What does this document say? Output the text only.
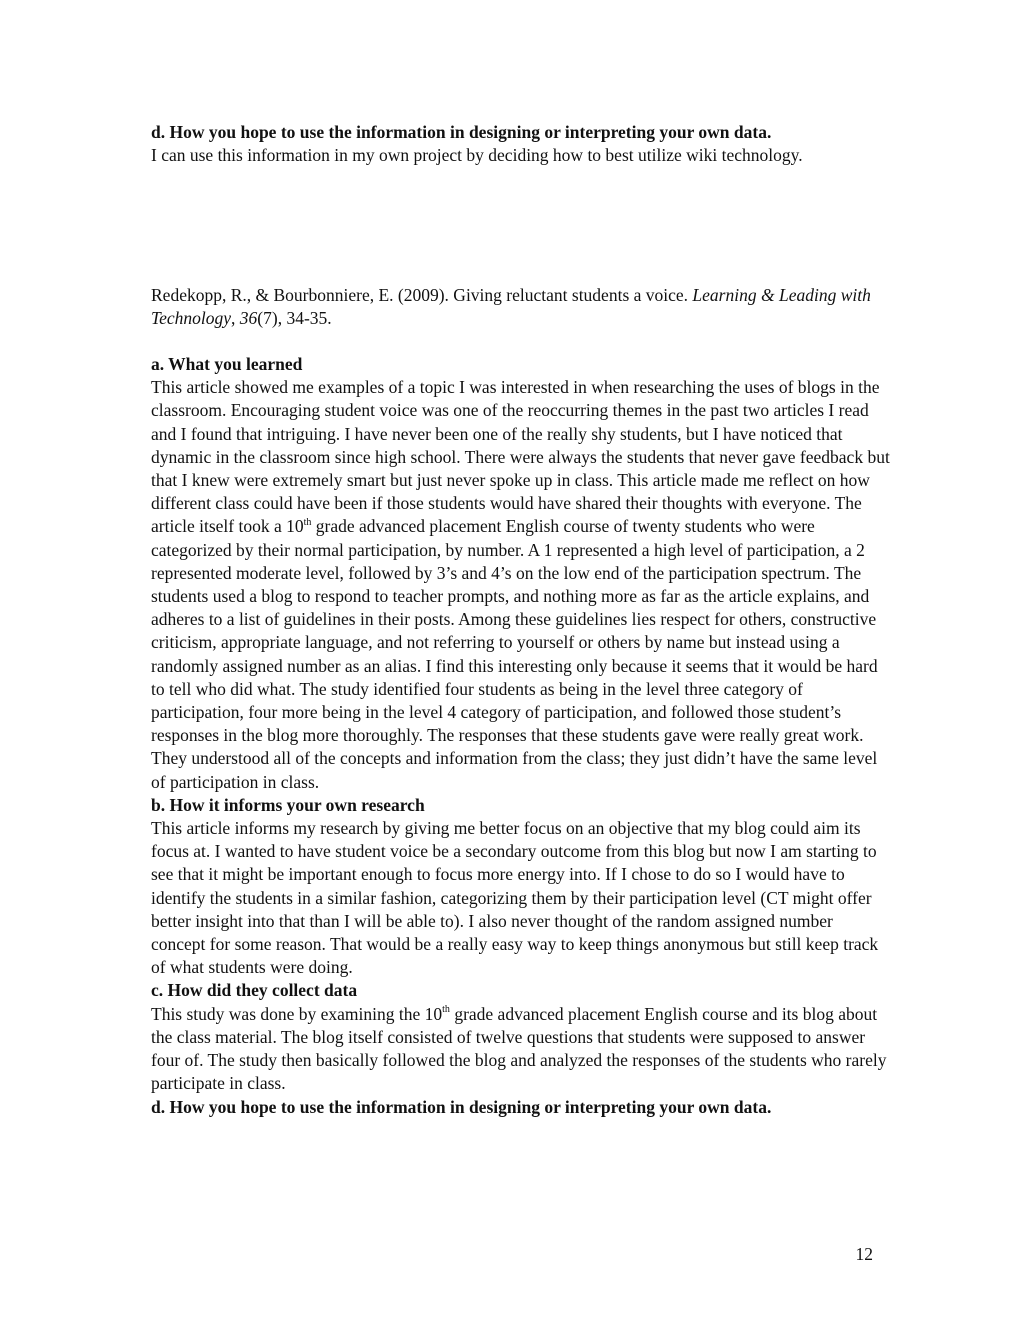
d. How you hope to use the information in designing or interpreting your own data.

I can use this information in my own project by deciding how to best utilize wiki technology.

Redekopp, R., & Bourbonniere, E. (2009). Giving reluctant students a voice. Learning & Leading with Technology, 36(7), 34-35.

a. What you learned

This article showed me examples of a topic I was interested in when researching the uses of blogs in the classroom. Encouraging student voice was one of the reoccurring themes in the past two articles I read and I found that intriguing. I have never been one of the really shy students, but I have noticed that dynamic in the classroom since high school. There were always the students that never gave feedback but that I knew were extremely smart but just never spoke up in class. This article made me reflect on how different class could have been if those students would have shared their thoughts with everyone. The article itself took a 10th grade advanced placement English course of twenty students who were categorized by their normal participation, by number. A 1 represented a high level of participation, a 2 represented moderate level, followed by 3’s and 4’s on the low end of the participation spectrum. The students used a blog to respond to teacher prompts, and nothing more as far as the article explains, and adheres to a list of guidelines in their posts. Among these guidelines lies respect for others, constructive criticism, appropriate language, and not referring to yourself or others by name but instead using a randomly assigned number as an alias. I find this interesting only because it seems that it would be hard to tell who did what. The study identified four students as being in the level three category of participation, four more being in the level 4 category of participation, and followed those student’s responses in the blog more thoroughly. The responses that these students gave were really great work. They understood all of the concepts and information from the class; they just didn’t have the same level of participation in class.

b. How it informs your own research

This article informs my research by giving me better focus on an objective that my blog could aim its focus at. I wanted to have student voice be a secondary outcome from this blog but now I am starting to see that it might be important enough to focus more energy into. If I chose to do so I would have to identify the students in a similar fashion, categorizing them by their participation level (CT might offer better insight into that than I will be able to). I also never thought of the random assigned number concept for some reason. That would be a really easy way to keep things anonymous but still keep track of what students were doing.

c. How did they collect data

This study was done by examining the 10th grade advanced placement English course and its blog about the class material. The blog itself consisted of twelve questions that students were supposed to answer four of. The study then basically followed the blog and analyzed the responses of the students who rarely participate in class.

d. How you hope to use the information in designing or interpreting your own data.

12
